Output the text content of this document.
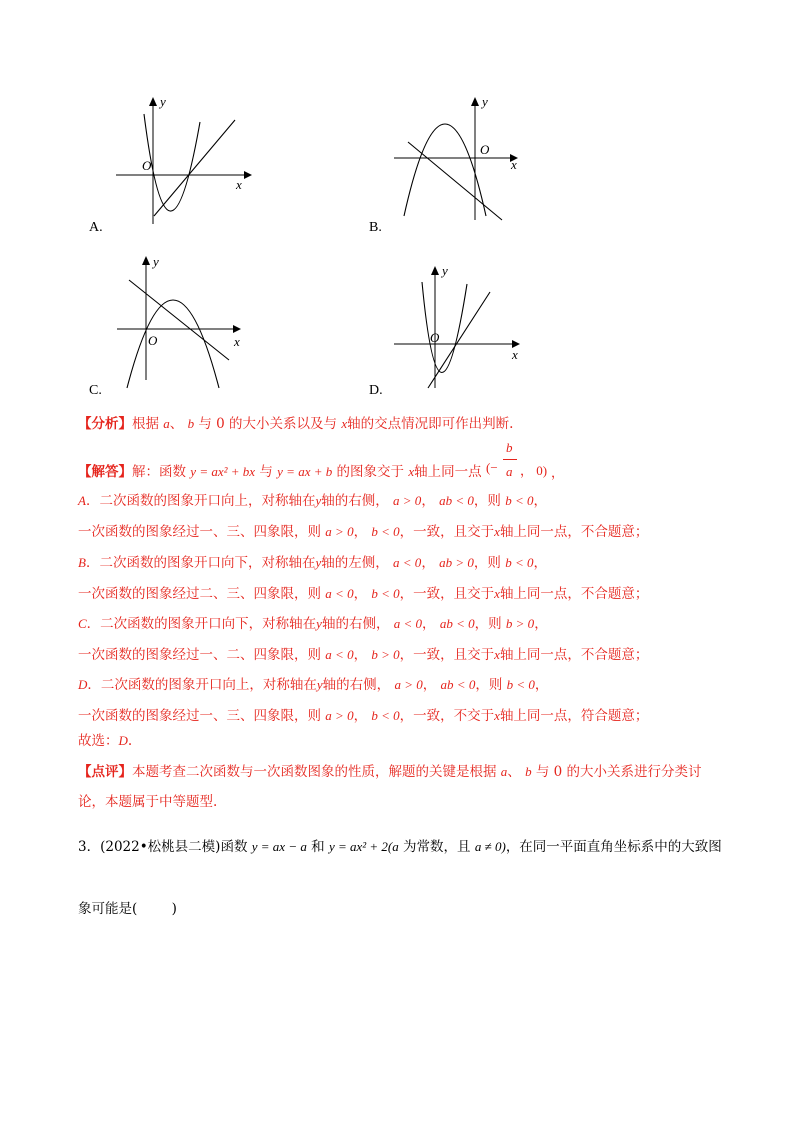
y
x
O
A.
y
x
O
B.
y
x
O
C.
y
x
O
D.
【分析】根据 a、 b 与 0 的大小关系以及与 x轴的交点情况即可作出判断.
【解答】解：函数 y = ax² + bx 与 y = ax + b 的图象交于 x轴上同一点 (−
b
a ， 0) ，
A．二次函数的图象开口向上，对称轴在y轴的右侧， a > 0， ab < 0，则 b < 0，
一次函数的图象经过一、三、四象限，则 a > 0， b < 0，一致，且交于x轴上同一点，不合题意；
B．二次函数的图象开口向下，对称轴在y轴的左侧， a < 0， ab > 0，则 b < 0，
一次函数的图象经过二、三、四象限，则 a < 0， b < 0，一致，且交于x轴上同一点，不合题意；
C．二次函数的图象开口向下，对称轴在y轴的右侧， a < 0， ab < 0，则 b > 0，
一次函数的图象经过一、二、四象限，则 a < 0， b > 0，一致，且交于x轴上同一点，不合题意；
D．二次函数的图象开口向上，对称轴在y轴的右侧， a > 0， ab < 0，则 b < 0，
一次函数的图象经过一、三、四象限，则 a > 0， b < 0，一致，不交于x轴上同一点，符合题意；
故选：D.
【点评】本题考查二次函数与一次函数图象的性质，解题的关键是根据 a、 b 与 0 的大小关系进行分类讨
论，本题属于中等题型.
3．(2022•松桃县二模)函数 y = ax − a 和 y = ax² + 2(a 为常数，且 a ≠ 0)，在同一平面直角坐标系中的大致图
象可能是(        )
